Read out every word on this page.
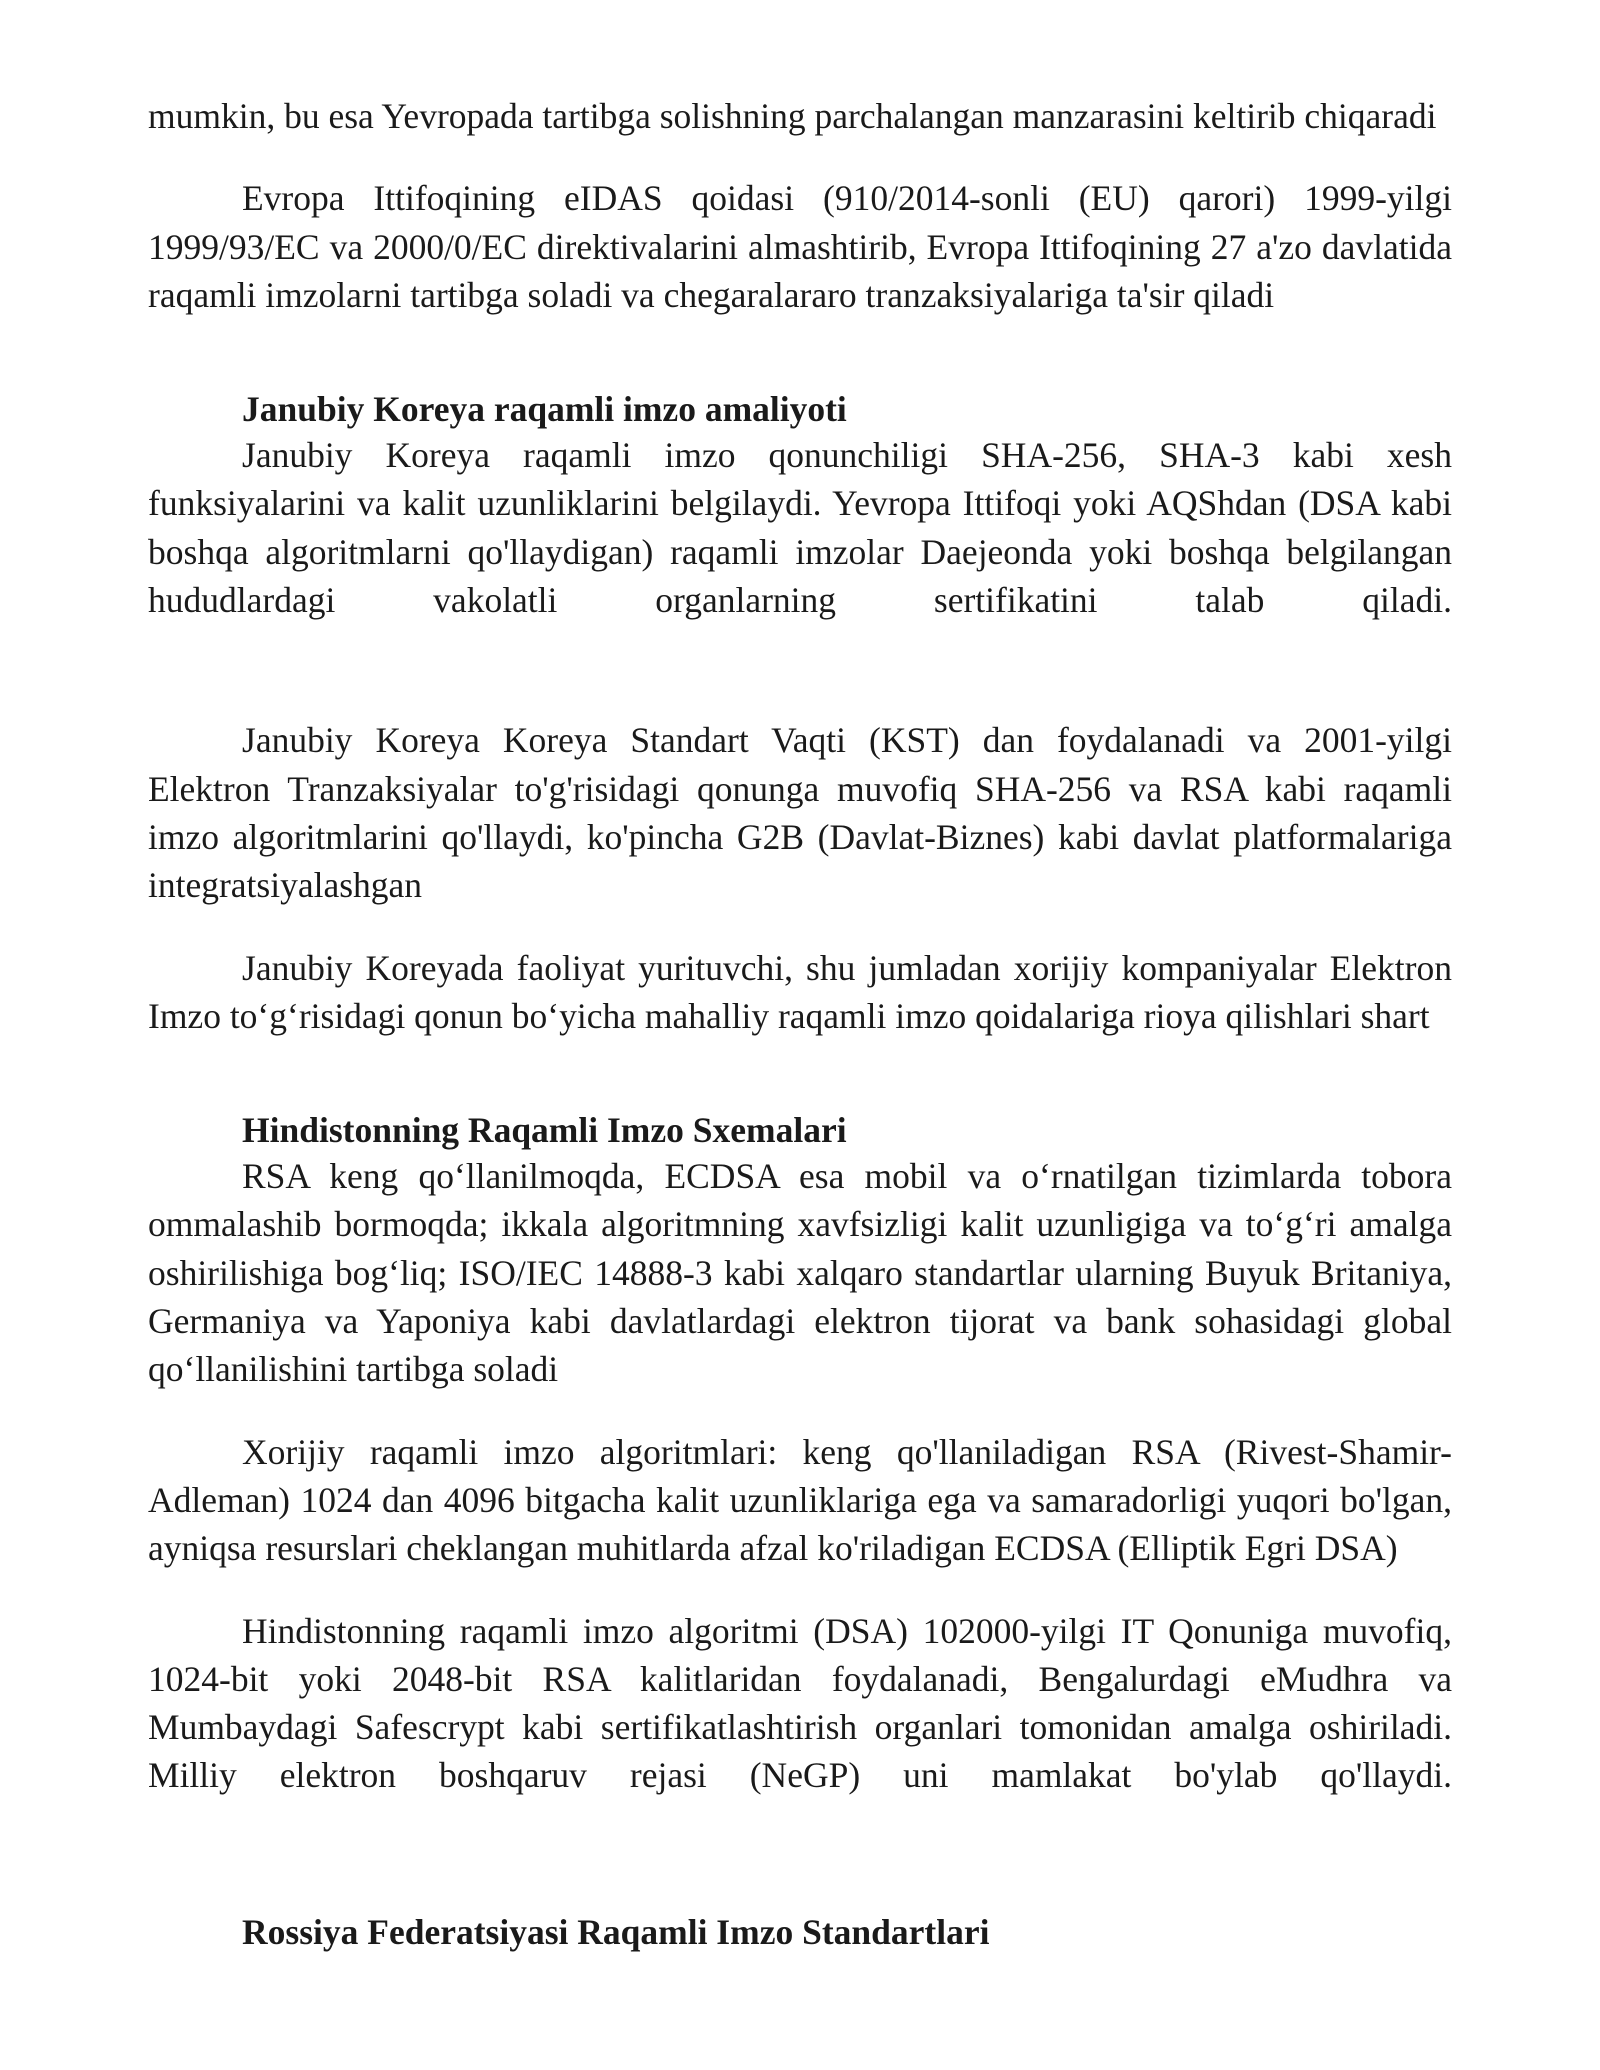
mumkin, bu esa Yevropada tartibga solishning parchalangan manzarasini keltirib chiqaradi

Evropa Ittifoqining eIDAS qoidasi (910/2014-sonli (EU) qarori) 1999-yilgi 1999/93/EC va 2000/0/EC direktivalarini almashtirib, Evropa Ittifoqining 27 a'zo davlatida raqamli imzolarni tartibga soladi va chegaralararo tranzaksiyalariga ta'sir qiladi

Janubiy Koreya raqamli imzo amaliyoti

Janubiy Koreya raqamli imzo qonunchiligi SHA-256, SHA-3 kabi xesh funksiyalarini va kalit uzunliklarini belgilaydi. Yevropa Ittifoqi yoki AQShdan (DSA kabi boshqa algoritmlarni qo'llaydigan) raqamli imzolar Daejeonda yoki boshqa belgilangan hududlardagi vakolatli organlarning sertifikatini talab qiladi.

Janubiy Koreya Koreya Standart Vaqti (KST) dan foydalanadi va 2001-yilgi Elektron Tranzaksiyalar to'g'risidagi qonunga muvofiq SHA-256 va RSA kabi raqamli imzo algoritmlarini qo'llaydi, ko'pincha G2B (Davlat-Biznes) kabi davlat platformalariga integratsiyalashgan

Janubiy Koreyada faoliyat yurituvchi, shu jumladan xorijiy kompaniyalar Elektron Imzo to‘g‘risidagi qonun bo‘yicha mahalliy raqamli imzo qoidalariga rioya qilishlari shart

Hindistonning Raqamli Imzo Sxemalari

RSA keng qo‘llanilmoqda, ECDSA esa mobil va o‘rnatilgan tizimlarda tobora ommalashib bormoqda; ikkala algoritmning xavfsizligi kalit uzunligiga va to‘g‘ri amalga oshirilishiga bog‘liq; ISO/IEC 14888-3 kabi xalqaro standartlar ularning Buyuk Britaniya, Germaniya va Yaponiya kabi davlatlardagi elektron tijorat va bank sohasidagi global qo‘llanilishini tartibga soladi

Xorijiy raqamli imzo algoritmlari: keng qo'llaniladigan RSA (Rivest-Shamir-Adleman) 1024 dan 4096 bitgacha kalit uzunliklariga ega va samaradorligi yuqori bo'lgan, ayniqsa resurslari cheklangan muhitlarda afzal ko'riladigan ECDSA (Elliptik Egri DSA)

Hindistonning raqamli imzo algoritmi (DSA) 102000-yilgi IT Qonuniga muvofiq, 1024-bit yoki 2048-bit RSA kalitlaridan foydalanadi, Bengalurdagi eMudhra va Mumbaydagi Safescrypt kabi sertifikatlashtirish organlari tomonidan amalga oshiriladi. Milliy elektron boshqaruv rejasi (NeGP) uni mamlakat bo'ylab qo'llaydi.

Rossiya Federatsiyasi Raqamli Imzo Standartlari
